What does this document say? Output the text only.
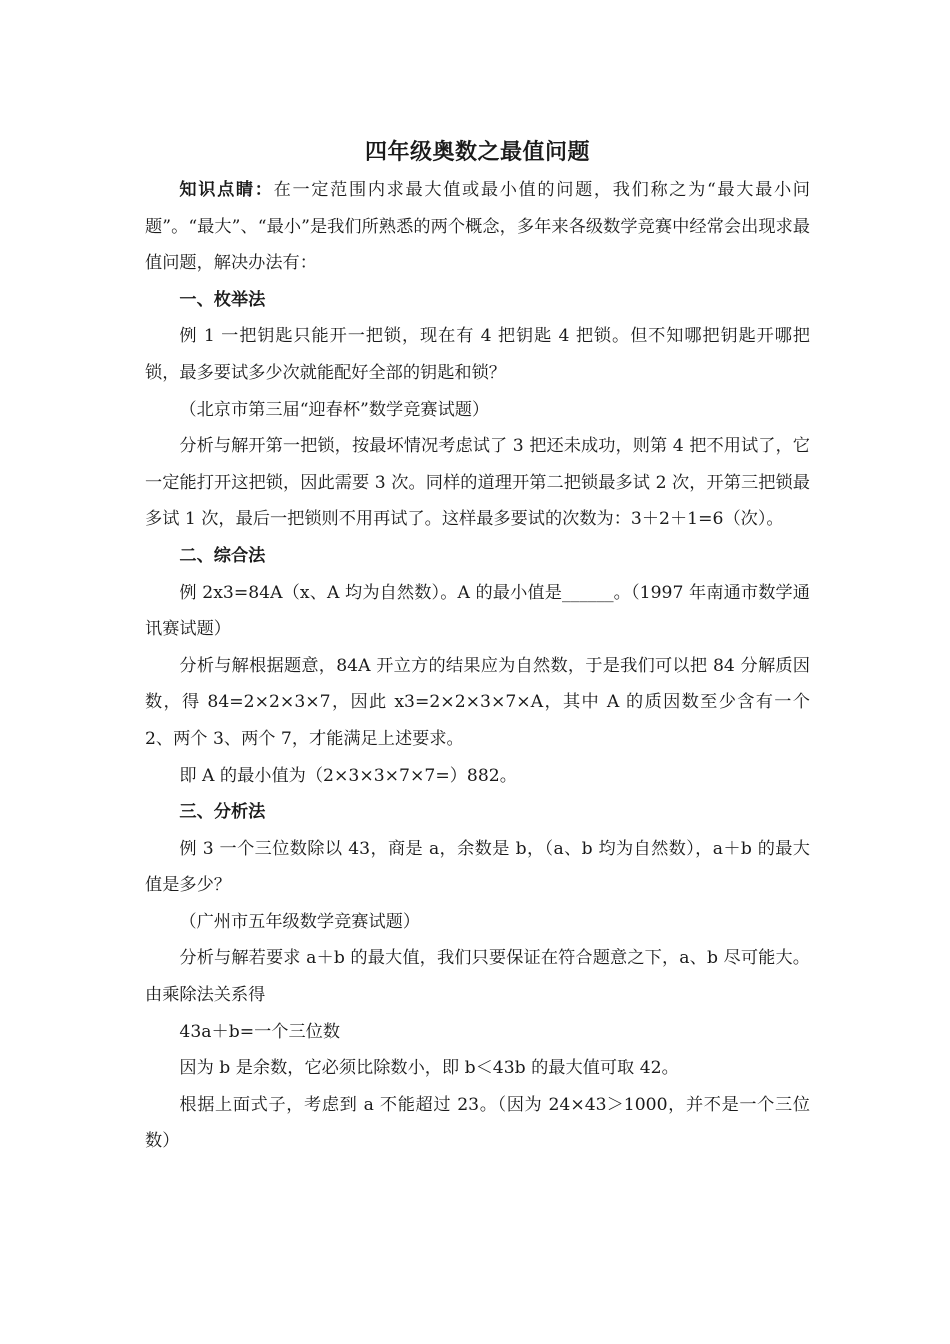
四年级奥数之最值问题

知识点睛：在一定范围内求最大值或最小值的问题，我们称之为“最大最小问题”。“最大”、“最小”是我们所熟悉的两个概念，多年来各级数学竞赛中经常会出现求最值问题，解决办法有：

一、枚举法

例 1 一把钥匙只能开一把锁，现在有 4 把钥匙 4 把锁。但不知哪把钥匙开哪把锁，最多要试多少次就能配好全部的钥匙和锁？

（北京市第三届“迎春杯”数学竞赛试题）

分析与解开第一把锁，按最坏情况考虑试了 3 把还未成功，则第 4 把不用试了，它一定能打开这把锁，因此需要 3 次。同样的道理开第二把锁最多试 2 次，开第三把锁最多试 1 次，最后一把锁则不用再试了。这样最多要试的次数为：3＋2＋1=6（次）。

二、综合法

例 2x3=84A（x、A 均为自然数）。A 的最小值是______。（1997 年南通市数学通讯赛试题）

分析与解根据题意，84A 开立方的结果应为自然数，于是我们可以把 84 分解质因数，得 84=2×2×3×7，因此 x3=2×2×3×7×A，其中 A 的质因数至少含有一个 2、两个 3、两个 7，才能满足上述要求。

即 A 的最小值为（2×3×3×7×7=）882。

三、分析法

例 3 一个三位数除以 43，商是 a，余数是 b，（a、b 均为自然数），a＋b 的最大值是多少？

（广州市五年级数学竞赛试题）

分析与解若要求 a＋b 的最大值，我们只要保证在符合题意之下，a、b 尽可能大。由乘除法关系得

43a＋b=一个三位数

因为 b 是余数，它必须比除数小，即 b＜43b 的最大值可取 42。

根据上面式子，考虑到 a 不能超过 23。（因为 24×43＞1000，并不是一个三位数）
